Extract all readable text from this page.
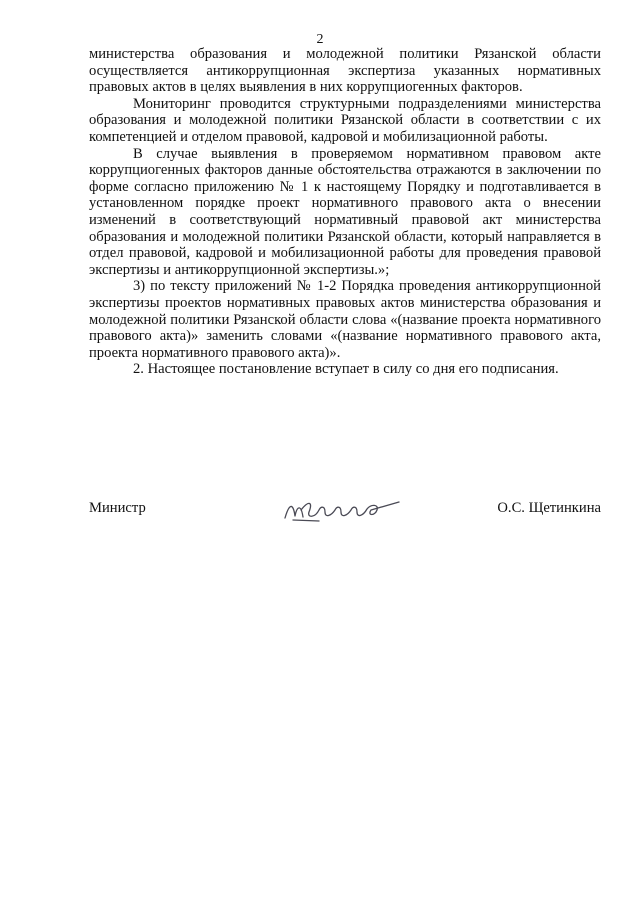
2

министерства образования и молодежной политики Рязанской области осуществляется антикоррупционная экспертиза указанных нормативных правовых актов в целях выявления в них коррупциогенных факторов.

Мониторинг проводится структурными подразделениями министерства образования и молодежной политики Рязанской области в соответствии с их компетенцией и отделом правовой, кадровой и мобилизационной работы.

В случае выявления в проверяемом нормативном правовом акте коррупциогенных факторов данные обстоятельства отражаются в заключении по форме согласно приложению № 1 к настоящему Порядку и подготавливается в установленном порядке проект нормативного правового акта о внесении изменений в соответствующий нормативный правовой акт министерства образования и молодежной политики Рязанской области, который направляется в отдел правовой, кадровой и мобилизационной работы для проведения правовой экспертизы и антикоррупционной экспертизы.»;

3) по тексту приложений № 1-2 Порядка проведения антикоррупционной экспертизы проектов нормативных правовых актов министерства образования и молодежной политики Рязанской области слова «(название проекта нормативного правового акта)» заменить словами «(название нормативного правового акта, проекта нормативного правового акта)».

2. Настоящее постановление вступает в силу со дня его подписания.

Министр	О.С. Щетинкина
